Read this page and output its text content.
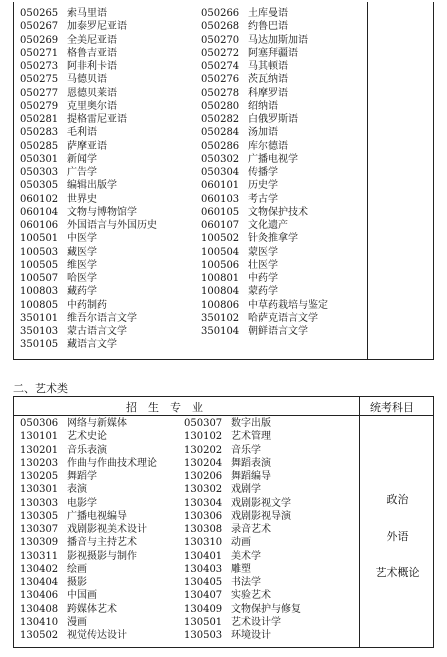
050265 索马里语
050267 加泰罗尼亚语
050269 全美尼亚语
050271 格鲁吉亚语
050273 阿非利卡语
050275 马德贝语
050277 恩德贝莱语
050279 克里奥尔语
050281 提格雷尼亚语
050283 毛利语
050285 萨摩亚语
050301 新闻学
050303 广告学
050305 编辑出版学
060102 世界史
060104 文物与博物馆学
060106 外国语言与外国历史
100501 中医学
100503 藏医学
100505 维医学
100507 哈医学
100803 藏药学
100805 中药制药
350101 维吾尔语言文学
350103 蒙古语言文学
350105 藏语言文学
050266 土库曼语
050268 约鲁巴语
050270 马达加斯加语
050272 阿塞拜疆语
050274 马其顿语
050276 茨瓦纳语
050278 科摩罗语
050280 绍纳语
050282 白俄罗斯语
050284 汤加语
050286 库尔德语
050302 广播电视学
050304 传播学
060101 历史学
060103 考古学
060105 文物保护技术
060107 文化遗产
100502 针灸推拿学
100504 蒙医学
100506 壮医学
100801 中药学
100804 蒙药学
100806 中草药栽培与鉴定
350102 哈萨克语言文学
350104 朝鲜语言文学
二、艺术类
招　生　专　业	统考科目
050306 网络与新媒体
130101 艺术史论
130201 音乐表演
130203 作曲与作曲技术理论
130205 舞蹈学
130301 表演
130303 电影学
130305 广播电视编导
130307 戏剧影视美术设计
130309 播音与主持艺术
130311 影视摄影与制作
130402 绘画
130404 摄影
130406 中国画
130408 跨媒体艺术
130410 漫画
130502 视觉传达设计
050307 数字出版
130102 艺术管理
130202 音乐学
130204 舞蹈表演
130206 舞蹈编导
130302 戏剧学
130304 戏剧影视文学
130306 戏剧影视导演
130308 录音艺术
130310 动画
130401 美术学
130403 雕塑
130405 书法学
130407 实验艺术
130409 文物保护与修复
130501 艺术设计学
130503 环境设计
政治
外语
艺术概论
